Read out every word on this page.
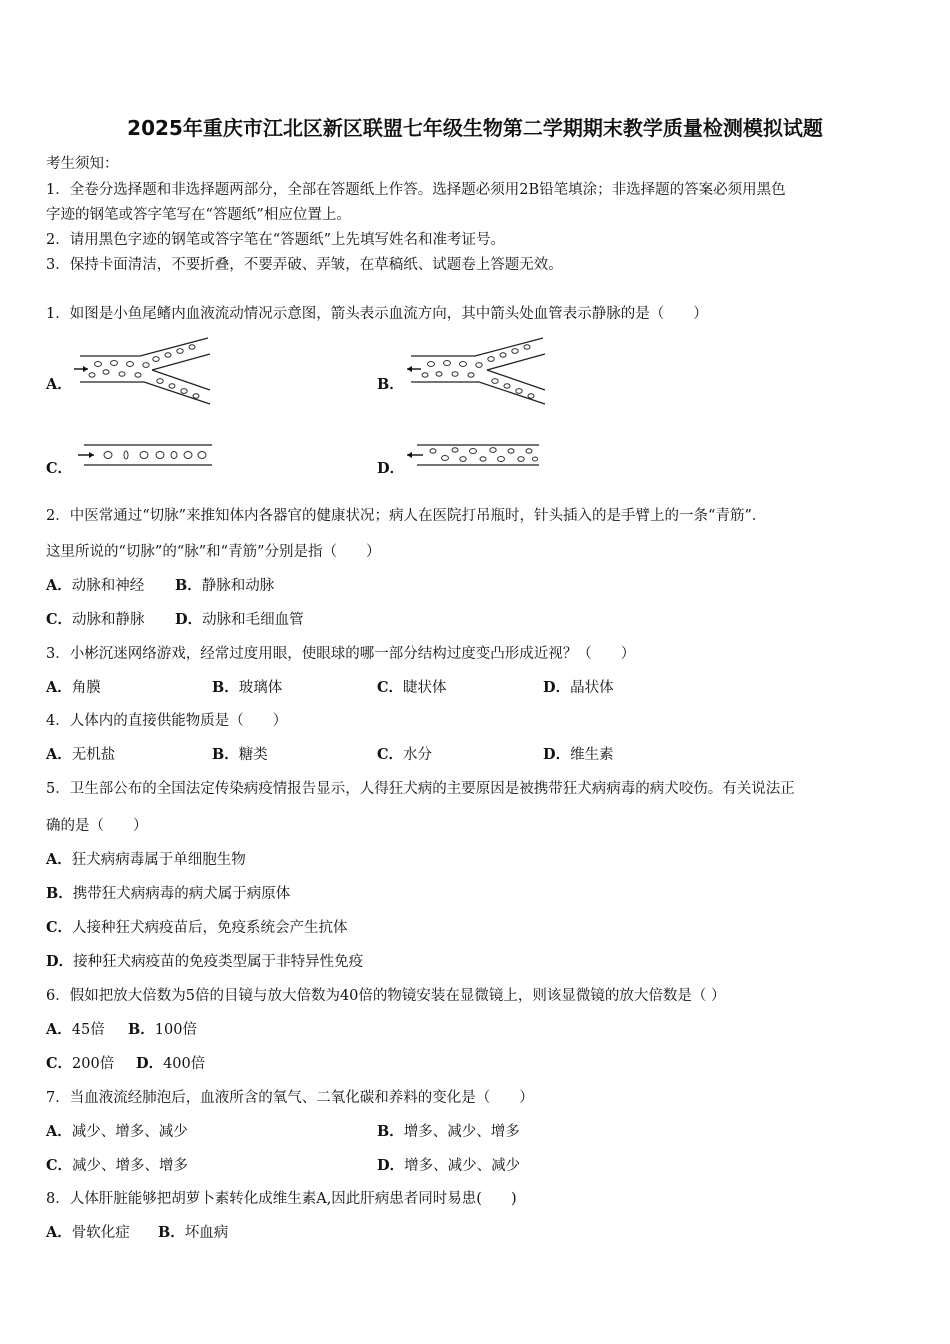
2025年重庆市江北区新区联盟七年级生物第二学期期末教学质量检测模拟试题
考生须知：
1．全卷分选择题和非选择题两部分，全部在答题纸上作答。选择题必须用2B铅笔填涂；非选择题的答案必须用黑色
字迹的钢笔或答字笔写在“答题纸”相应位置上。
2．请用黑色字迹的钢笔或答字笔在“答题纸”上先填写姓名和准考证号。
3．保持卡面清洁，不要折叠，不要弄破、弄皱，在草稿纸、试题卷上答题无效。
1．如图是小鱼尾鳍内血液流动情况示意图，箭头表示血流方向，其中箭头处血管表示静脉的是（　　）
A．	B．
C．	D．
2．中医常通过“切脉”来推知体内各器官的健康状况；病人在医院打吊瓶时，针头插入的是手臂上的一条“青筋”．
这里所说的“切脉”的“脉”和“青筋”分别是指（　　）
A．动脉和神经 B．静脉和动脉
C．动脉和静脉 D．动脉和毛细血管
3．小彬沉迷网络游戏，经常过度用眼，使眼球的哪一部分结构过度变凸形成近视？（　　）
A．角膜	B．玻璃体	C．睫状体	D．晶状体
4．人体内的直接供能物质是（　　）
A．无机盐	B．糖类	C．水分	D．维生素
5．卫生部公布的全国法定传染病疫情报告显示，人得狂犬病的主要原因是被携带狂犬病病毒的病犬咬伤。有关说法正
确的是（　　）
A．狂犬病病毒属于单细胞生物
B．携带狂犬病病毒的病犬属于病原体
C．人接种狂犬病疫苗后，免疫系统会产生抗体
D．接种狂犬病疫苗的免疫类型属于非特异性免疫
6．假如把放大倍数为5倍的目镜与放大倍数为40倍的物镜安装在显微镜上，则该显微镜的放大倍数是（ ）
A．45倍 B．100倍
C．200倍 D．400倍
7．当血液流经肺泡后，血液所含的氧气、二氧化碳和养料的变化是（　　）
A．减少、增多、减少	B．增多、减少、增多
C．减少、增多、增多	D．增多、减少、减少
8．人体肝脏能够把胡萝卜素转化成维生素A,因此肝病患者同时易患(　　)
A．骨软化症 B．坏血病
